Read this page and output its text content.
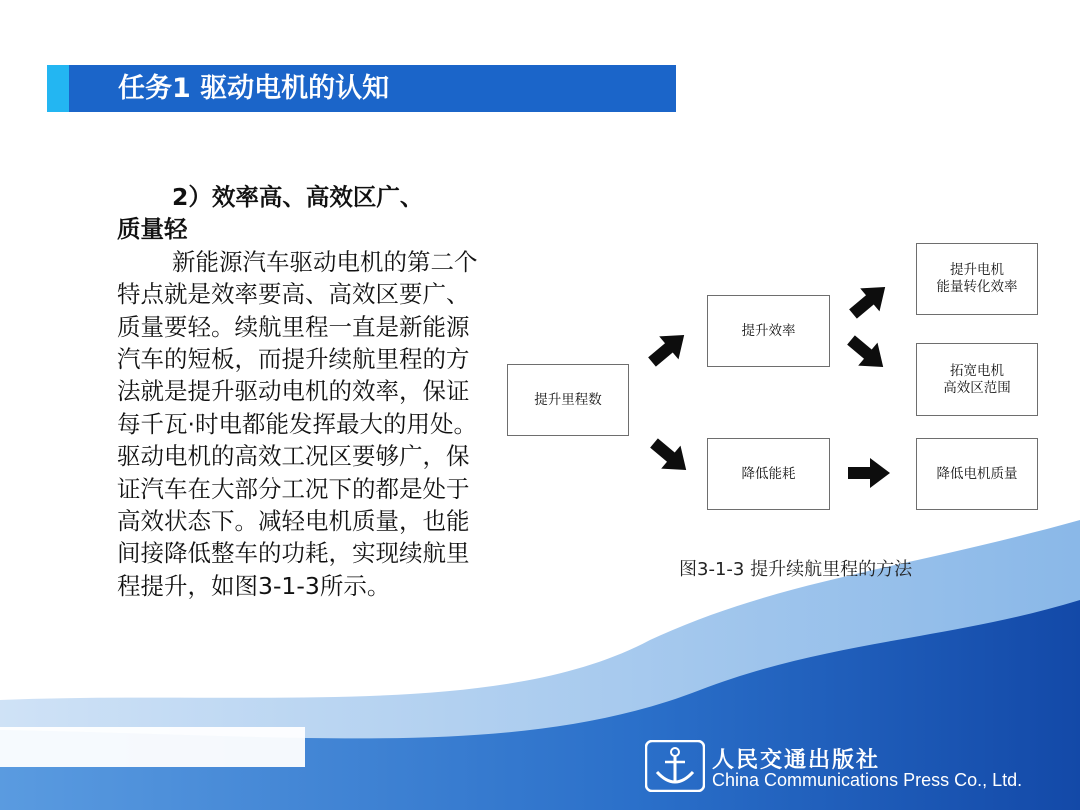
任务1 驱动电机的认知
2）效率高、高效区广、
质量轻
新能源汽车驱动电机的第二个特点就是效率要高、高效区要广、质量要轻。续航里程一直是新能源汽车的短板，而提升续航里程的方法就是提升驱动电机的效率，保证每千瓦·时电都能发挥最大的用处。驱动电机的高效工况区要够广，保证汽车在大部分工况下的都是处于高效状态下。减轻电机质量，也能间接降低整车的功耗，实现续航里程提升，如图3-1-3所示。
提升里程数
提升效率
降低能耗
提升电机
能量转化效率
拓宽电机
高效区范围
降低电机质量
图3-1-3 提升续航里程的方法
人民交通出版社
China Communications Press Co., Ltd.
